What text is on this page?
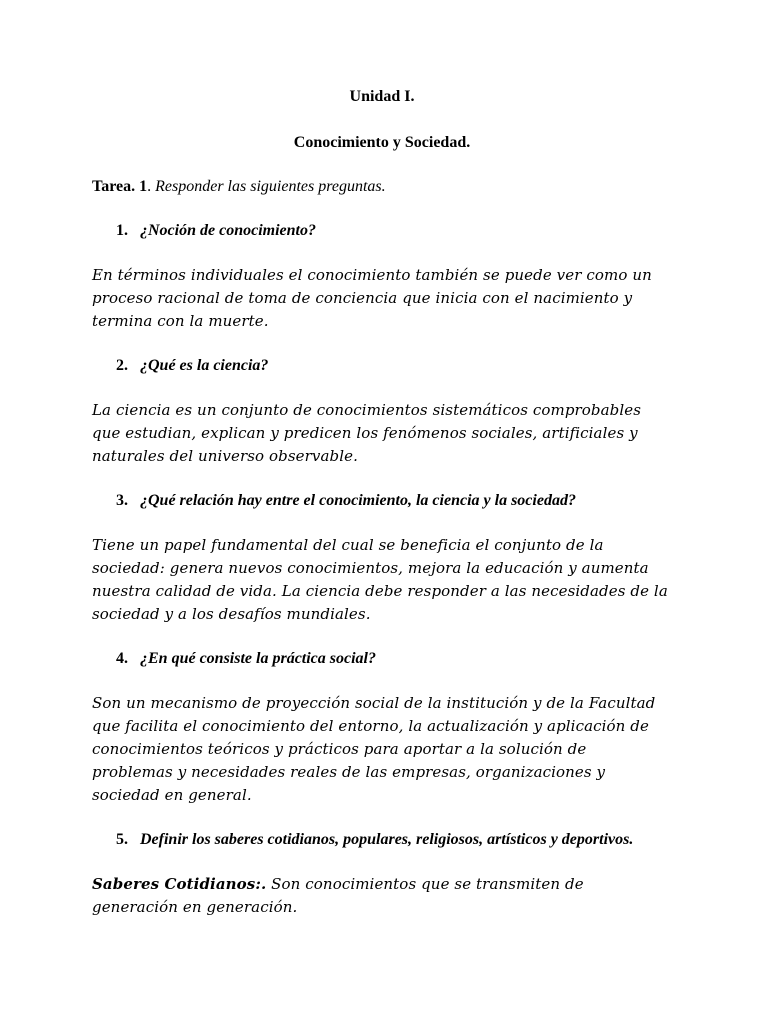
Unidad I.

Conocimiento y Sociedad.

Tarea. 1. Responder las siguientes preguntas.
1. ¿Noción de conocimiento?

En términos individuales el conocimiento también se puede ver como un proceso racional de toma de conciencia que inicia con el nacimiento y termina con la muerte.

2. ¿Qué es la ciencia?

La ciencia es un conjunto de conocimientos sistemáticos comprobables que estudian, explican y predicen los fenómenos sociales, artificiales y naturales del universo observable.

3. ¿Qué relación hay entre el conocimiento, la ciencia y la sociedad?

Tiene un papel fundamental del cual se beneficia el conjunto de la sociedad: genera nuevos conocimientos, mejora la educación y aumenta nuestra calidad de vida. La ciencia debe responder a las necesidades de la sociedad y a los desafíos mundiales.

4. ¿En qué consiste la práctica social?

Son un mecanismo de proyección social de la institución y de la Facultad que facilita el conocimiento del entorno, la actualización y aplicación de conocimientos teóricos y prácticos para aportar a la solución de problemas y necesidades reales de las empresas, organizaciones y sociedad en general.

5. Definir los saberes cotidianos, populares, religiosos, artísticos y deportivos.

Saberes Cotidianos:. Son conocimientos que se transmiten de generación en generación.
